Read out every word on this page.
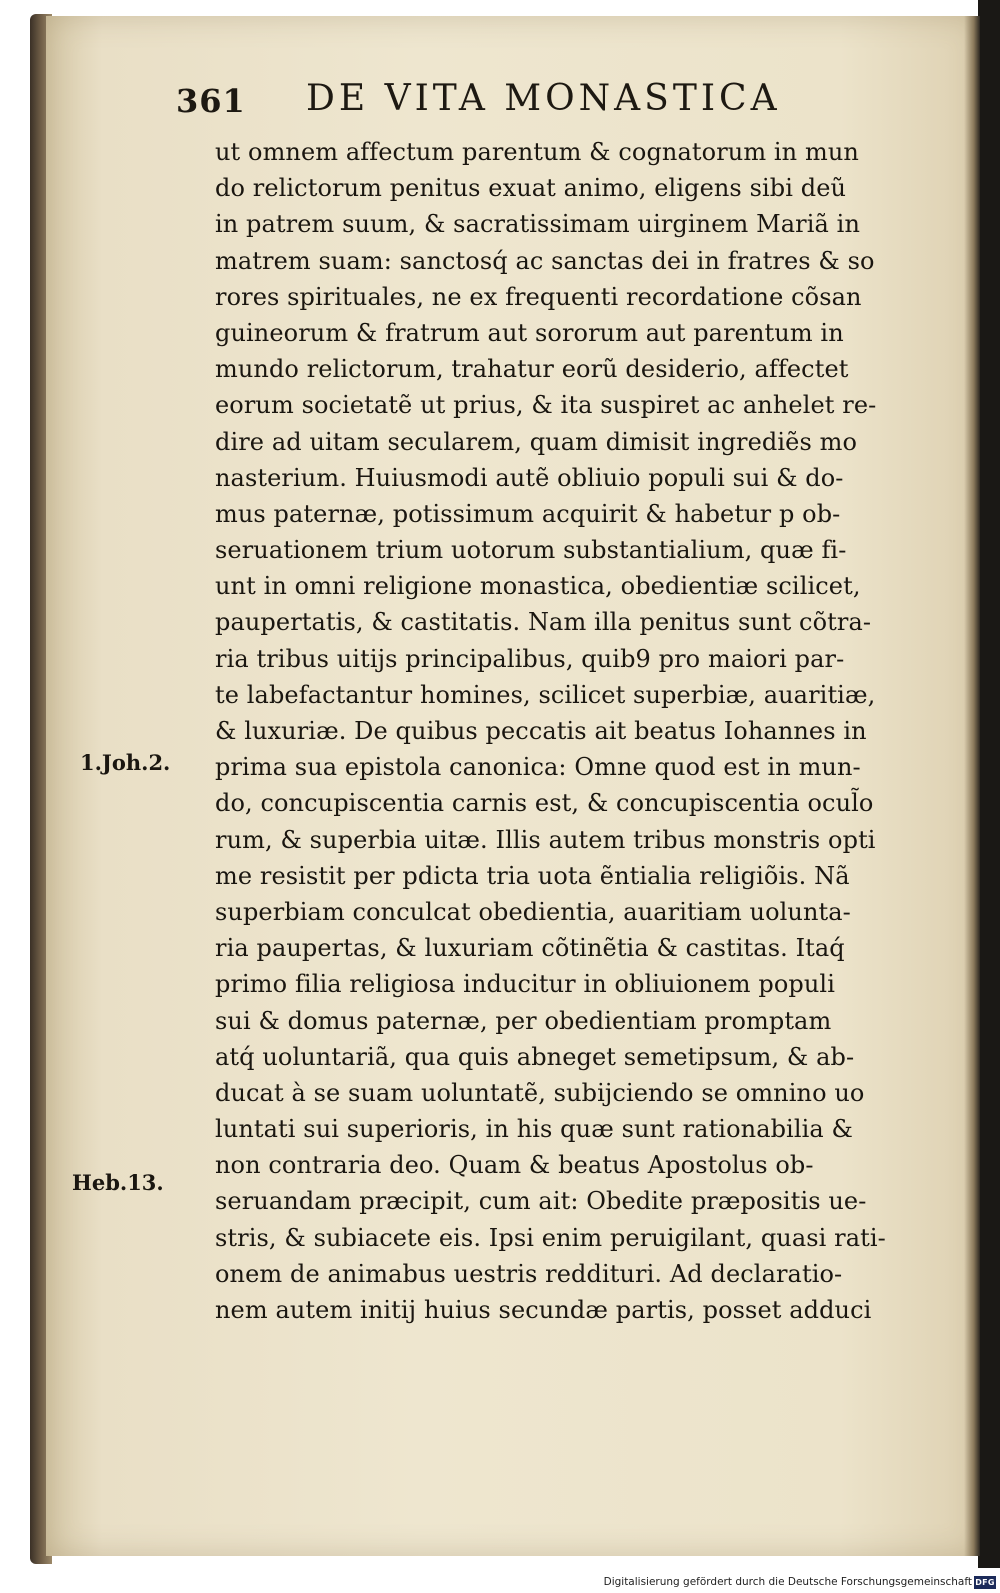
361 DE VITA MONASTICA
1.Joh.2.
Heb.13.
ut omnem affectum parentum & cognatorum in mun
do relictorum penitus exuat animo, eligens sibi deũ
in patrem suum, & sacratissimam uirginem Mariã in
matrem suam: sanctosq́ ac sanctas dei in fratres & so
rores spirituales, ne ex frequenti recordatione cõsan
guineorum & fratrum aut sororum aut parentum in
mundo relictorum, trahatur eorũ desiderio, affectet
eorum societatẽ ut prius, & ita suspiret ac anhelet re-
dire ad uitam secularem, quam dimisit ingrediẽs mo
nasterium. Huiusmodi autẽ obliuio populi sui & do-
mus paternæ, potissimum acquirit & habetur p ob-
seruationem trium uotorum substantialium, quæ fi-
unt in omni religione monastica, obedientiæ scilicet,
paupertatis, & castitatis. Nam illa penitus sunt cõtra-
ria tribus uitijs principalibus, quib9 pro maiori par-
te labefactantur homines, scilicet superbiæ, auaritiæ,
& luxuriæ. De quibus peccatis ait beatus Iohannes in
prima sua epistola canonica: Omne quod est in mun-
do, concupiscentia carnis est, & concupiscentia ocul̃o
rum, & superbia uitæ. Illis autem tribus monstris opti
me resistit per pdicta tria uota ẽntialia religiõis. Nã
superbiam conculcat obedientia, auaritiam uolunta-
ria paupertas, & luxuriam cõtinẽtia & castitas. Itaq́
primo filia religiosa inducitur in obliuionem populi
sui & domus paternæ, per obedientiam promptam
atq́ uoluntariã, qua quis abneget semetipsum, & ab-
ducat à se suam uoluntatẽ, subijciendo se omnino uo
luntati sui superioris, in his quæ sunt rationabilia &
non contraria deo. Quam & beatus Apostolus ob-
seruandam præcipit, cum ait: Obedite præpositis ue-
stris, & subiacete eis. Ipsi enim peruigilant, quasi rati-
onem de animabus uestris reddituri. Ad declaratio-
nem autem initij huius secundæ partis, posset adduci
Digitalisierung gefördert durch die Deutsche Forschungsgemeinschaft DFG
